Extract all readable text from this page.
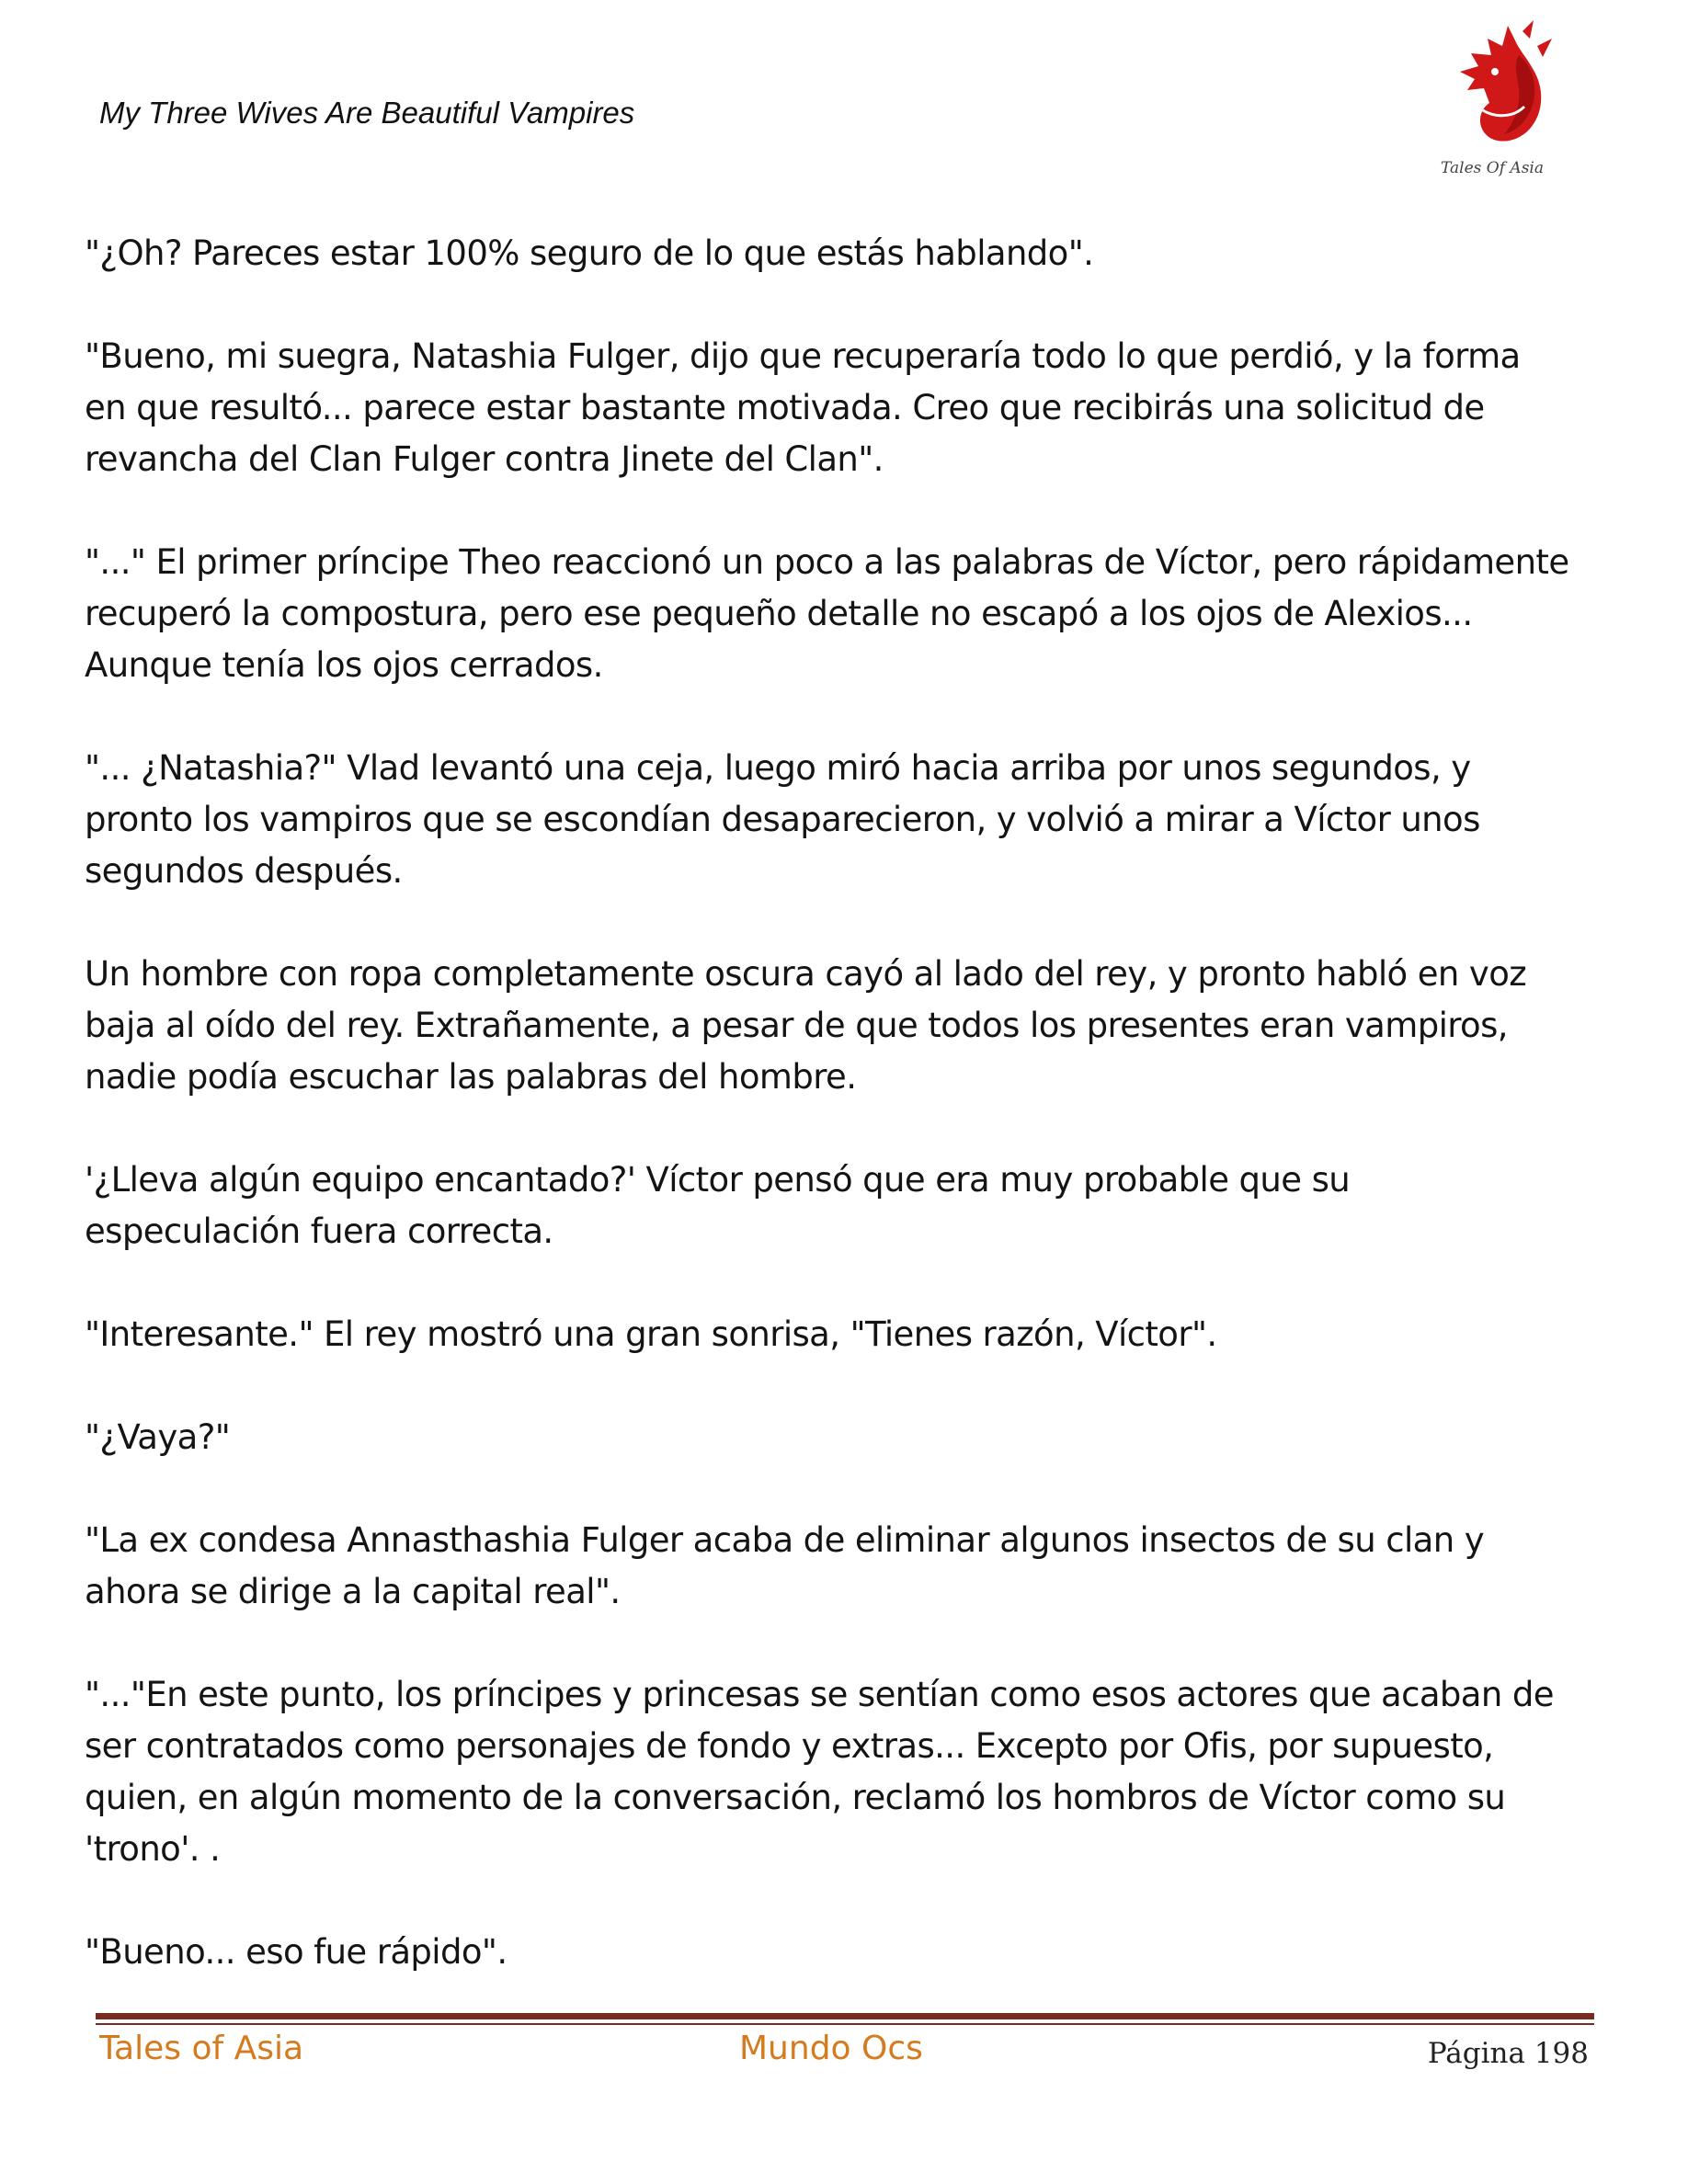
My Three Wives Are Beautiful Vampires
Tales Of Asia

"¿Oh? Pareces estar 100% seguro de lo que estás hablando".

"Bueno, mi suegra, Natashia Fulger, dijo que recuperaría todo lo que perdió, y la forma
en que resultó... parece estar bastante motivada. Creo que recibirás una solicitud de
revancha del Clan Fulger contra Jinete del Clan".

"..." El primer príncipe Theo reaccionó un poco a las palabras de Víctor, pero rápidamente
recuperó la compostura, pero ese pequeño detalle no escapó a los ojos de Alexios...
Aunque tenía los ojos cerrados.

"... ¿Natashia?" Vlad levantó una ceja, luego miró hacia arriba por unos segundos, y
pronto los vampiros que se escondían desaparecieron, y volvió a mirar a Víctor unos
segundos después.

Un hombre con ropa completamente oscura cayó al lado del rey, y pronto habló en voz
baja al oído del rey. Extrañamente, a pesar de que todos los presentes eran vampiros,
nadie podía escuchar las palabras del hombre.

'¿Lleva algún equipo encantado?' Víctor pensó que era muy probable que su
especulación fuera correcta.

"Interesante." El rey mostró una gran sonrisa, "Tienes razón, Víctor".

"¿Vaya?"

"La ex condesa Annasthashia Fulger acaba de eliminar algunos insectos de su clan y
ahora se dirige a la capital real".

"..."En este punto, los príncipes y princesas se sentían como esos actores que acaban de
ser contratados como personajes de fondo y extras... Excepto por Ofis, por supuesto,
quien, en algún momento de la conversación, reclamó los hombros de Víctor como su
'trono'. .

"Bueno... eso fue rápido".

Tales of Asia	Mundo Ocs	Página 198
